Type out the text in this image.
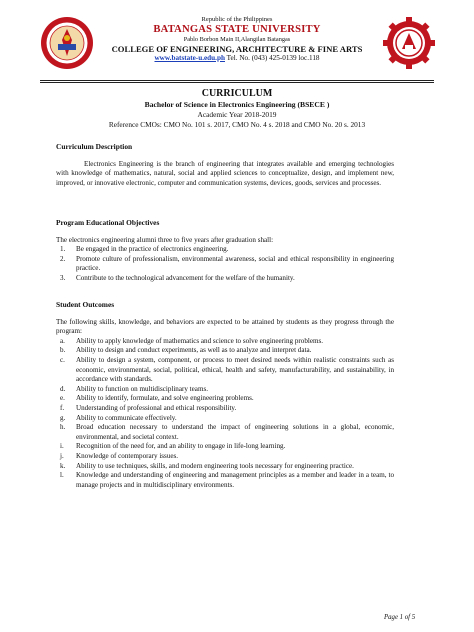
Republic of the Philippines
BATANGAS STATE UNIVERSITY
Pablo Borbon Main II,Alangilan Batangas
COLLEGE OF ENGINEERING, ARCHITECTURE & FINE ARTS
www.batstate-u.edu.ph Tel. No. (043) 425-0139 loc.118
CURRICULUM
Bachelor of Science in Electronics Engineering (BSECE )
Academic Year 2018-2019
Reference CMOs: CMO No. 101 s. 2017, CMO No. 4 s. 2018 and CMO No. 20 s. 2013
Curriculum Description
Electronics Engineering is the branch of engineering that integrates available and emerging technologies with knowledge of mathematics, natural, social and applied sciences to conceptualize, design, and implement new, improved, or innovative electronic, computer and communication systems, devices, goods, services and processes.
Program Educational Objectives
The electronics engineering alumni three to five years after graduation shall:
1. Be engaged in the practice of electronics engineering.
2. Promote culture of professionalism, environmental awareness, social and ethical responsibility in engineering practice.
3. Contribute to the technological advancement for the welfare of the humanity.
Student Outcomes
The following skills, knowledge, and behaviors are expected to be attained by students as they progress through the program:
a. Ability to apply knowledge of mathematics and science to solve engineering problems.
b. Ability to design and conduct experiments, as well as to analyze and interpret data.
c. Ability to design a system, component, or process to meet desired needs within realistic constraints such as economic, environmental, social, political, ethical, health and safety, manufacturability, and sustainability, in accordance with standards.
d. Ability to function on multidisciplinary teams.
e. Ability to identify, formulate, and solve engineering problems.
f. Understanding of professional and ethical responsibility.
g. Ability to communicate effectively.
h. Broad education necessary to understand the impact of engineering solutions in a global, economic, environmental, and societal context.
i. Recognition of the need for, and an ability to engage in life-long learning.
j. Knowledge of contemporary issues.
k. Ability to use techniques, skills, and modern engineering tools necessary for engineering practice.
l. Knowledge and understanding of engineering and management principles as a member and leader in a team, to manage projects and in multidisciplinary environments.
Page 1 of 5
